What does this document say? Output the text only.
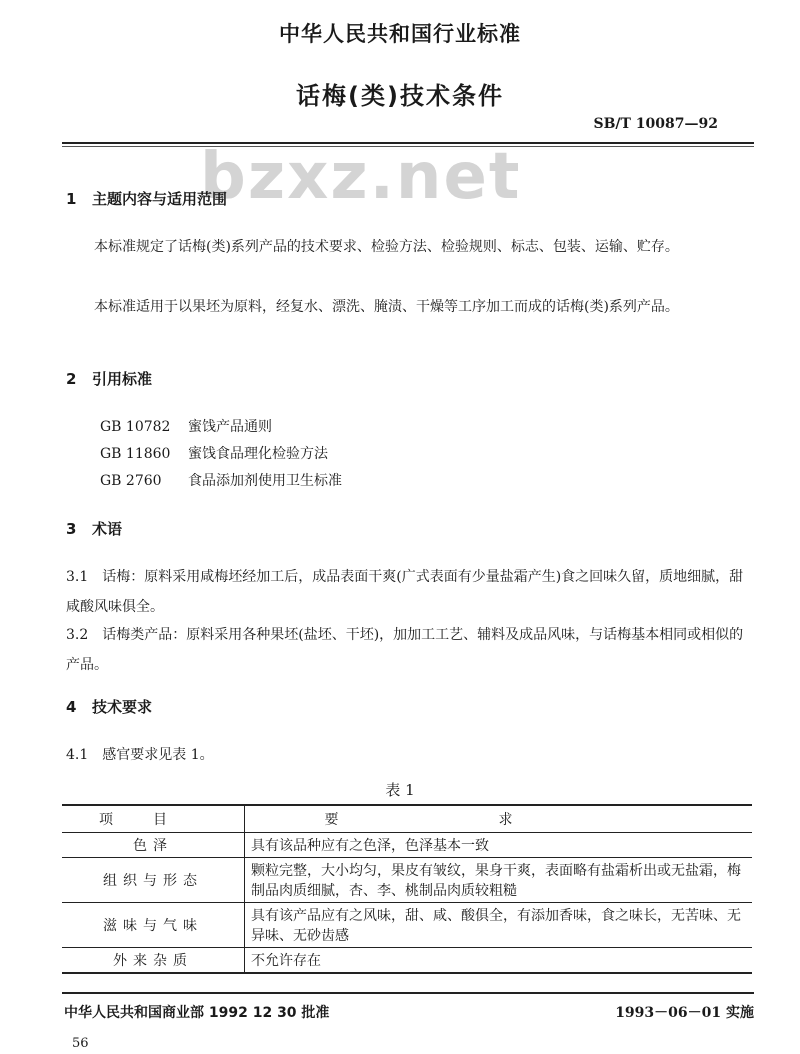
中华人民共和国行业标准
话梅(类)技术条件
SB/T 10087—92
bzxz.net
1 主题内容与适用范围
本标准规定了话梅(类)系列产品的技术要求、检验方法、检验规则、标志、包装、运输、贮存。
本标准适用于以果坯为原料，经复水、漂洗、腌渍、干燥等工序加工而成的话梅(类)系列产品。
2 引用标准
GB 10782 蜜饯产品通则
GB 11860 蜜饯食品理化检验方法
GB 2760 食品添加剂使用卫生标准
3 术语
3.1　话梅：原料采用咸梅坯经加工后，成品表面干爽(广式表面有少量盐霜产生)食之回味久留，质地细腻，甜咸酸风味俱全。
3.2　话梅类产品：原料采用各种果坯(盐坯、干坯)，加加工工艺、辅料及成品风味，与话梅基本相同或相似的产品。
4 技术要求
4.1　感官要求见表 1。
表 1
项目	要求
色泽	具有该品种应有之色泽，色泽基本一致
组织与形态	颗粒完整，大小均匀，果皮有皱纹，果身干爽，表面略有盐霜析出或无盐霜，梅制品肉质细腻，杏、李、桃制品肉质较粗糙
滋味与气味	具有该产品应有之风味，甜、咸、酸俱全，有添加香味，食之味长，无苦味、无异味、无砂齿感
外来杂质	不允许存在
中华人民共和国商业部 1992 12 30 批准	1993－06－01 实施
56
